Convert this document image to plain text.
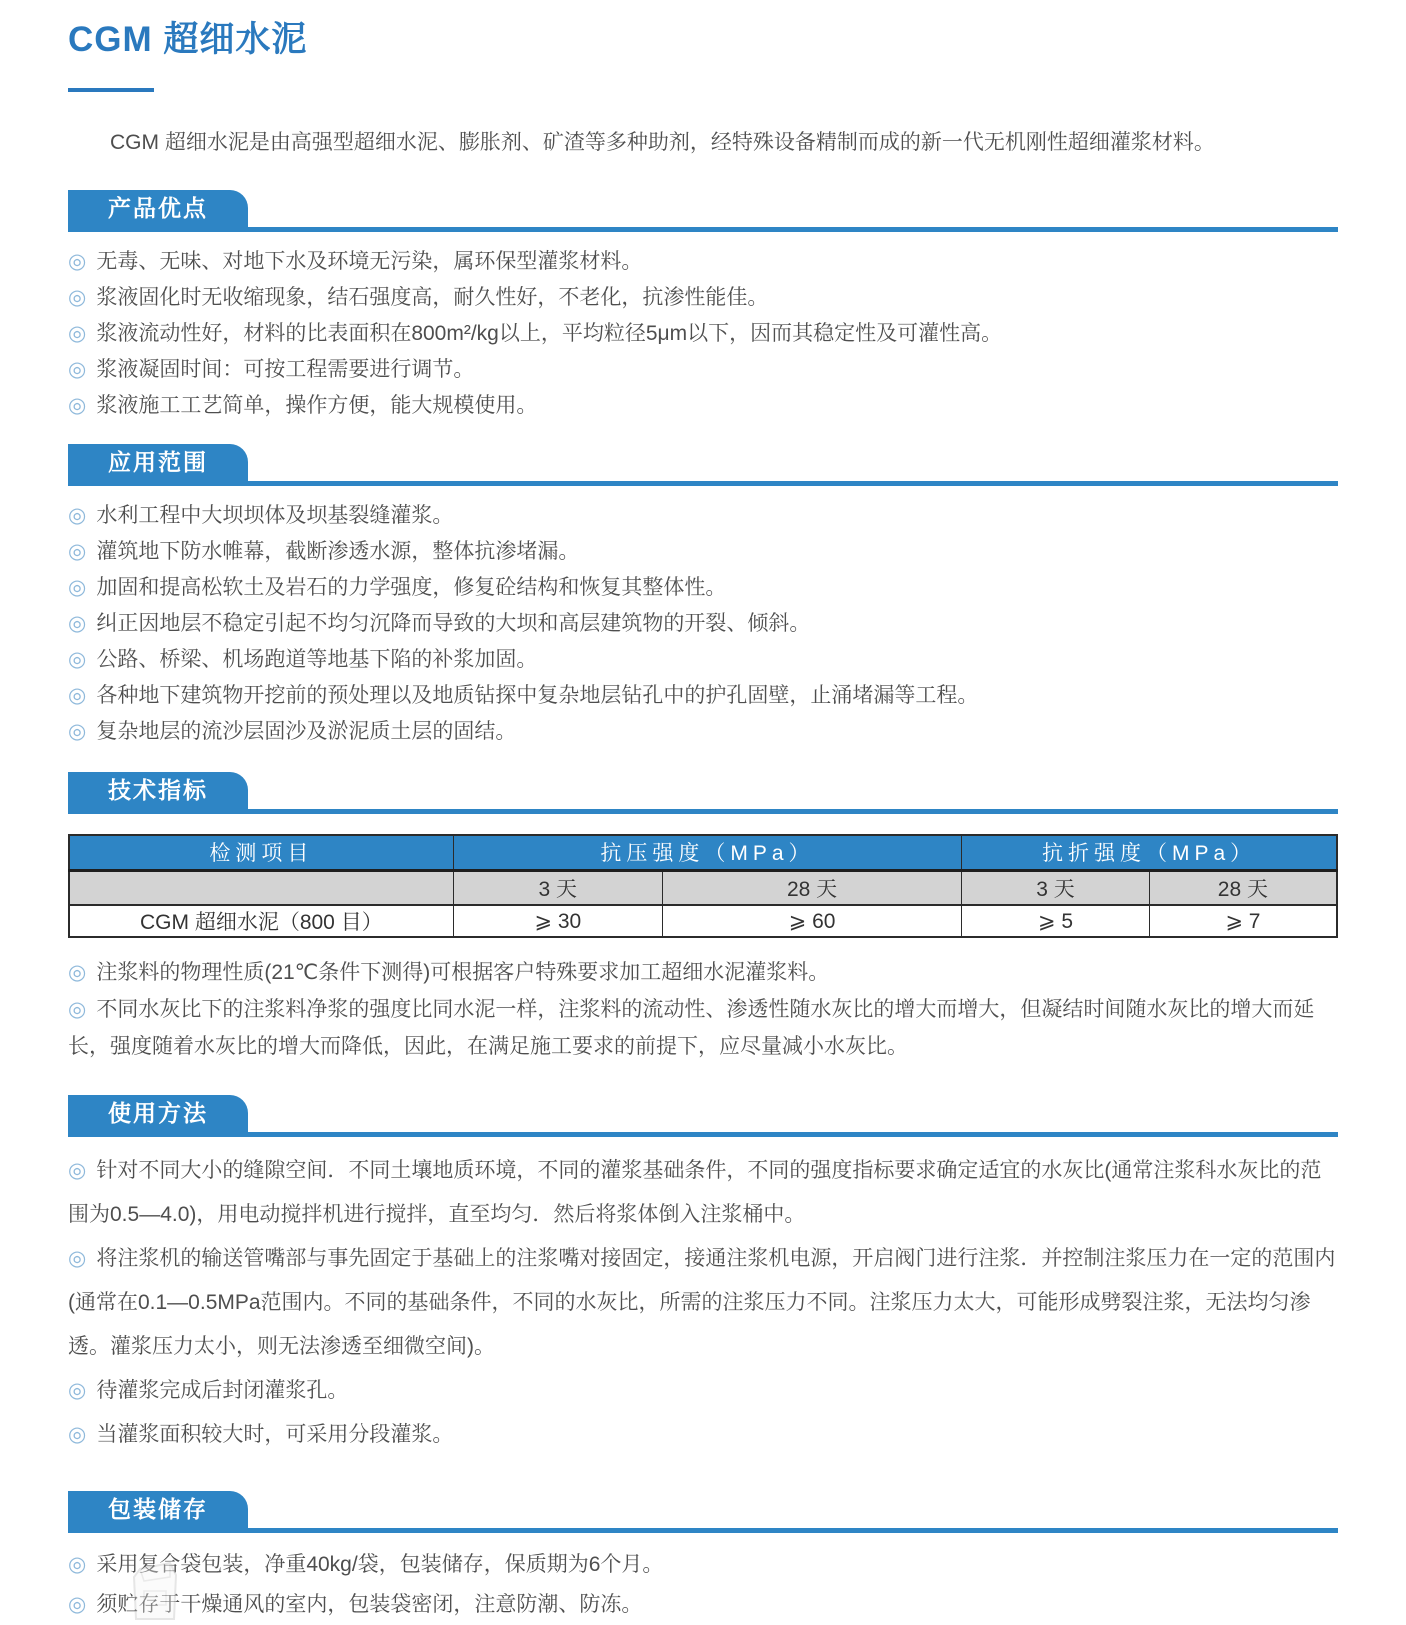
CGM 超细水泥

CGM 超细水泥是由高强型超细水泥、膨胀剂、矿渣等多种助剂，经特殊设备精制而成的新一代无机刚性超细灌浆材料。

产品优点

◎ 无毒、无味、对地下水及环境无污染，属环保型灌浆材料。

◎ 浆液固化时无收缩现象，结石强度高，耐久性好，不老化，抗渗性能佳。

◎ 浆液流动性好，材料的比表面积在800m²/kg以上，平均粒径5μm以下，因而其稳定性及可灌性高。

◎ 浆液凝固时间：可按工程需要进行调节。

◎ 浆液施工工艺简单，操作方便，能大规模使用。

应用范围

◎ 水利工程中大坝坝体及坝基裂缝灌浆。

◎ 灌筑地下防水帷幕，截断渗透水源，整体抗渗堵漏。

◎ 加固和提高松软土及岩石的力学强度，修复砼结构和恢复其整体性。

◎ 纠正因地层不稳定引起不均匀沉降而导致的大坝和高层建筑物的开裂、倾斜。

◎ 公路、桥梁、机场跑道等地基下陷的补浆加固。

◎ 各种地下建筑物开挖前的预处理以及地质钻探中复杂地层钻孔中的护孔固壁，止涌堵漏等工程。

◎ 复杂地层的流沙层固沙及淤泥质土层的固结。

技术指标
检测项目	抗压强度（MPa）		抗折强度（MPa）	
	3 天	28 天	3 天	28 天
CGM 超细水泥（800 目）	⩾ 30	⩾ 60	⩾ 5	⩾ 7

◎ 注浆料的物理性质(21℃条件下测得)可根据客户特殊要求加工超细水泥灌浆料。

◎ 不同水灰比下的注浆料净浆的强度比同水泥一样，注浆料的流动性、渗透性随水灰比的增大而增大，但凝结时间随水灰比的增大而延长，强度随着水灰比的增大而降低，因此，在满足施工要求的前提下，应尽量减小水灰比。

使用方法

◎ 针对不同大小的缝隙空间．不同土壤地质环境，不同的灌浆基础条件，不同的强度指标要求确定适宜的水灰比(通常注浆科水灰比的范围为0.5—4.0)，用电动搅拌机进行搅拌，直至均匀．然后将浆体倒入注浆桶中。

◎ 将注浆机的输送管嘴部与事先固定于基础上的注浆嘴对接固定，接通注浆机电源，开启阀门进行注浆．并控制注浆压力在一定的范围内(通常在0.1—0.5MPa范围内。不同的基础条件，不同的水灰比，所需的注浆压力不同。注浆压力太大，可能形成劈裂注浆，无法均匀渗透。灌浆压力太小，则无法渗透至细微空间)。

◎ 待灌浆完成后封闭灌浆孔。

◎ 当灌浆面积较大时，可采用分段灌浆。

包装储存

◎ 采用复合袋包装，净重40kg/袋，包装储存，保质期为6个月。

◎ 须贮存于干燥通风的室内，包装袋密闭，注意防潮、防冻。
